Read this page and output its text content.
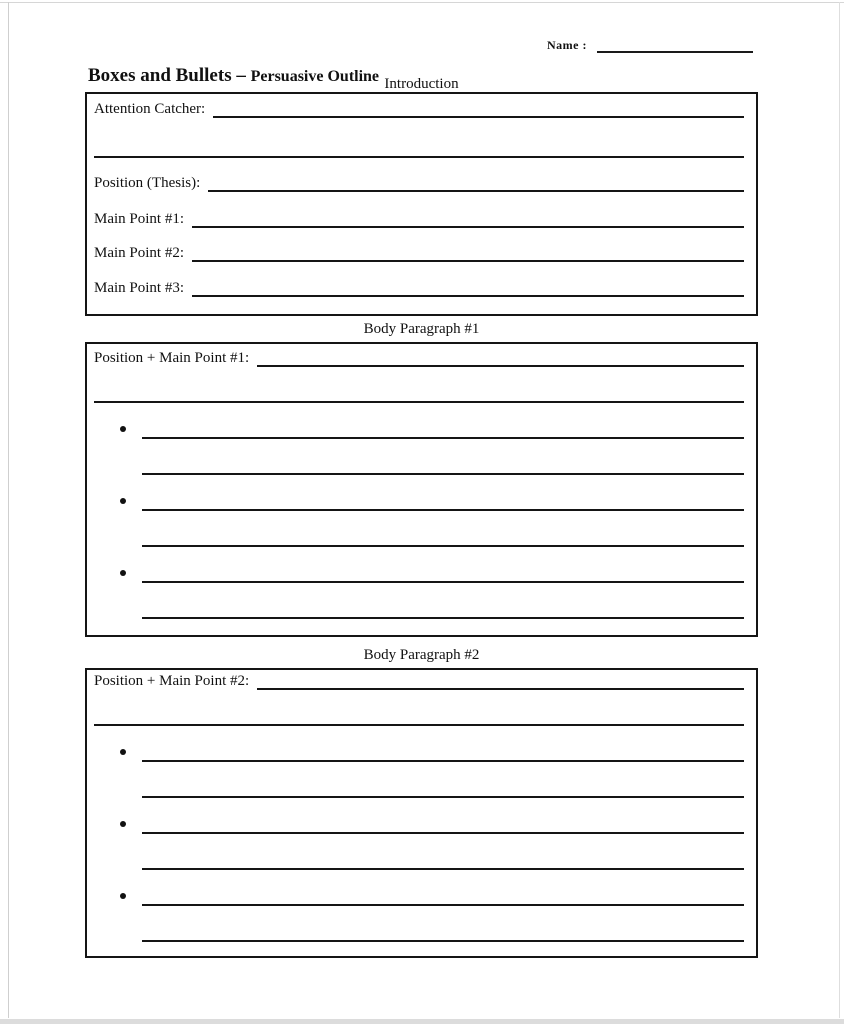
Name :
Boxes and Bullets – Persuasive Outline Introduction
Attention Catcher:
Position (Thesis):
Main Point #1:
Main Point #2:
Main Point #3:
Body Paragraph #1
Position + Main Point #1:
Body Paragraph #2
Position + Main Point #2:
